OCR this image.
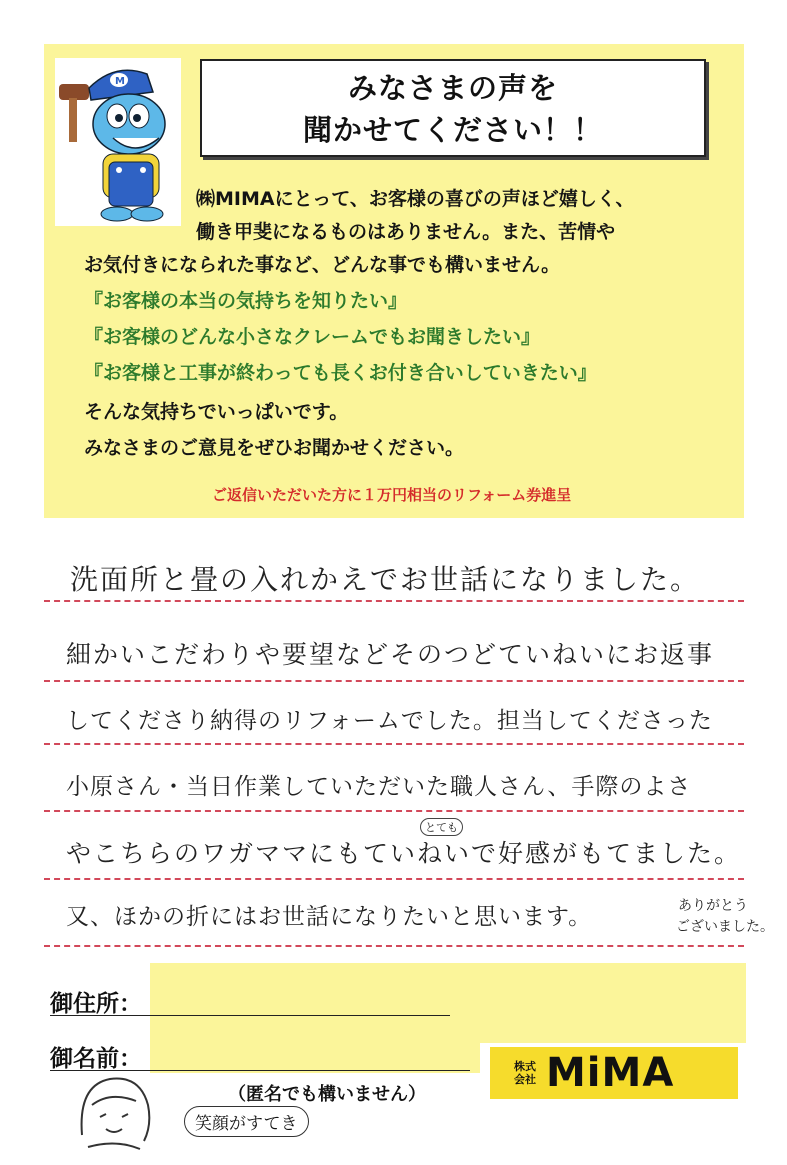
M	みなさまの声を
聞かせてください！！
㈱MIMAにとって、お客様の喜びの声ほど嬉しく、
働き甲斐になるものはありません。また、苦情や
お気付きになられた事など、どんな事でも構いません。
『お客様の本当の気持ちを知りたい』
『お客様のどんな小さなクレームでもお聞きしたい』
『お客様と工事が終わっても長くお付き合いしていきたい』
そんな気持ちでいっぱいです。
みなさまのご意見をぜひお聞かせください。
ご返信いただいた方に１万円相当のリフォーム券進呈
洗面所と畳の入れかえでお世話になりました。
細かいこだわりや要望などそのつどていねいにお返事
してくださり納得のリフォームでした。担当してくださった
小原さん・当日作業していただいた職人さん、手際のよさ
とても
やこちらのワガママにもていねいで好感がもてました。
又、ほかの折にはお世話になりたいと思います。	ありがとう
ございました。
御住所：
御名前：
（匿名でも構いません）
笑顔がすてき
株式会社 MiMA
